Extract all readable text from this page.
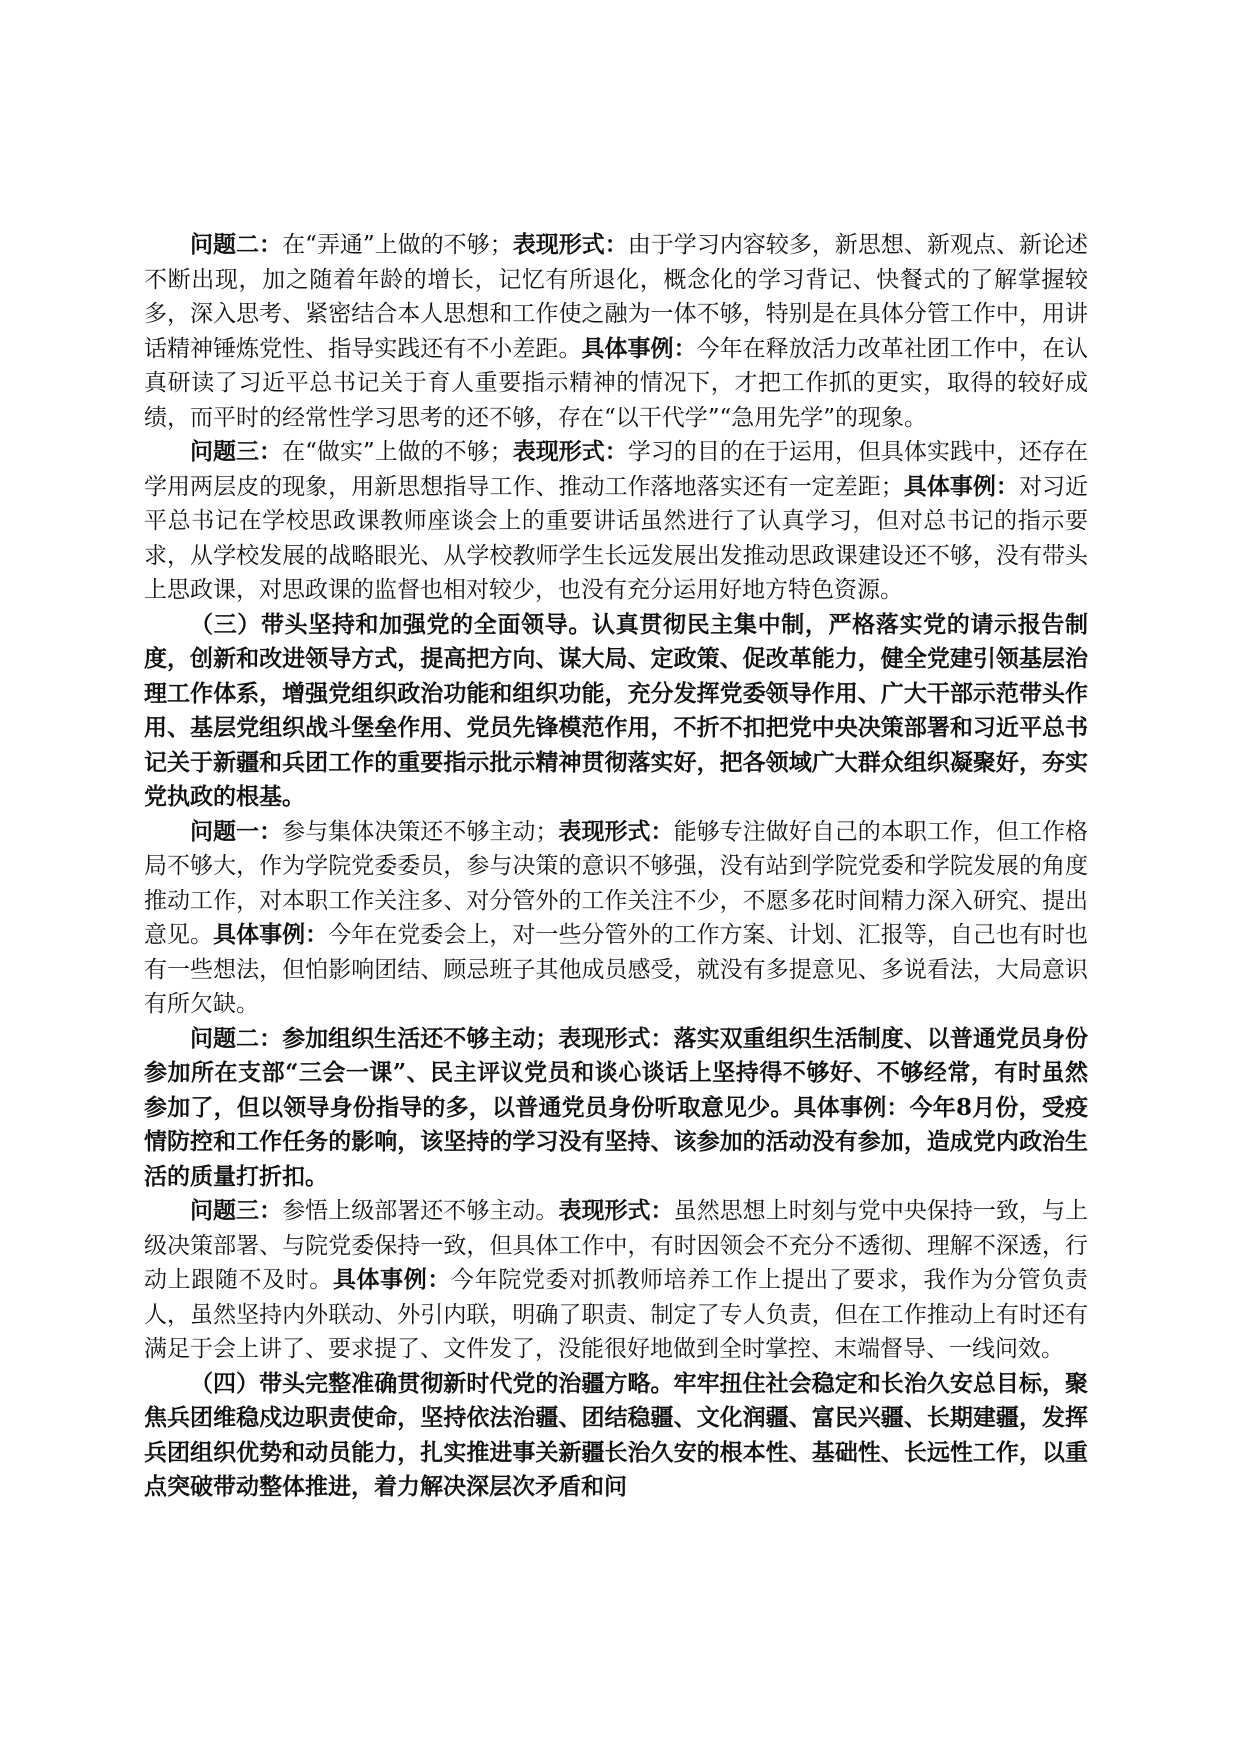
问题二：在“弄通”上做的不够；表现形式：由于学习内容较多，新思想、新观点、新论述不断出现，加之随着年龄的增长，记忆有所退化，概念化的学习背记、快餐式的了解掌握较多，深入思考、紧密结合本人思想和工作使之融为一体不够，特别是在具体分管工作中，用讲话精神锤炼党性、指导实践还有不小差距。具体事例：今年在释放活力改革社团工作中，在认真研读了习近平总书记关于育人重要指示精神的情况下，才把工作抓的更实，取得的较好成绩，而平时的经常性学习思考的还不够，存在“以干代学”“急用先学”的现象。

问题三：在“做实”上做的不够；表现形式：学习的目的在于运用，但具体实践中，还存在学用两层皮的现象，用新思想指导工作、推动工作落地落实还有一定差距；具体事例：对习近平总书记在学校思政课教师座谈会上的重要讲话虽然进行了认真学习，但对总书记的指示要求，从学校发展的战略眼光、从学校教师学生长远发展出发推动思政课建设还不够，没有带头上思政课，对思政课的监督也相对较少，也没有充分运用好地方特色资源。

（三）带头坚持和加强党的全面领导。认真贯彻民主集中制，严格落实党的请示报告制度，创新和改进领导方式，提高把方向、谋大局、定政策、促改革能力，健全党建引领基层治理工作体系，增强党组织政治功能和组织功能，充分发挥党委领导作用、广大干部示范带头作用、基层党组织战斗堡垒作用、党员先锋模范作用，不折不扣把党中央决策部署和习近平总书记关于新疆和兵团工作的重要指示批示精神贯彻落实好，把各领域广大群众组织凝聚好，夯实党执政的根基。

问题一：参与集体决策还不够主动；表现形式：能够专注做好自己的本职工作，但工作格局不够大，作为学院党委委员，参与决策的意识不够强，没有站到学院党委和学院发展的角度推动工作，对本职工作关注多、对分管外的工作关注不少，不愿多花时间精力深入研究、提出意见。具体事例：今年在党委会上，对一些分管外的工作方案、计划、汇报等，自己也有时也有一些想法，但怕影响团结、顾忌班子其他成员感受，就没有多提意见、多说看法，大局意识有所欠缺。

问题二：参加组织生活还不够主动；表现形式：落实双重组织生活制度、以普通党员身份参加所在支部“三会一课”、民主评议党员和谈心谈话上坚持得不够好、不够经常，有时虽然参加了，但以领导身份指导的多，以普通党员身份听取意见少。具体事例：今年8月份，受疫情防控和工作任务的影响，该坚持的学习没有坚持、该参加的活动没有参加，造成党内政治生活的质量打折扣。

问题三：参悟上级部署还不够主动。表现形式：虽然思想上时刻与党中央保持一致，与上级决策部署、与院党委保持一致，但具体工作中，有时因领会不充分不透彻、理解不深透，行动上跟随不及时。具体事例：今年院党委对抓教师培养工作上提出了要求，我作为分管负责人，虽然坚持内外联动、外引内联，明确了职责、制定了专人负责，但在工作推动上有时还有满足于会上讲了、要求提了、文件发了，没能很好地做到全时掌控、末端督导、一线问效。

（四）带头完整准确贯彻新时代党的治疆方略。牢牢扭住社会稳定和长治久安总目标，聚焦兵团维稳戍边职责使命，坚持依法治疆、团结稳疆、文化润疆、富民兴疆、长期建疆，发挥兵团组织优势和动员能力，扎实推进事关新疆长治久安的根本性、基础性、长远性工作，以重点突破带动整体推进，着力解决深层次矛盾和问
